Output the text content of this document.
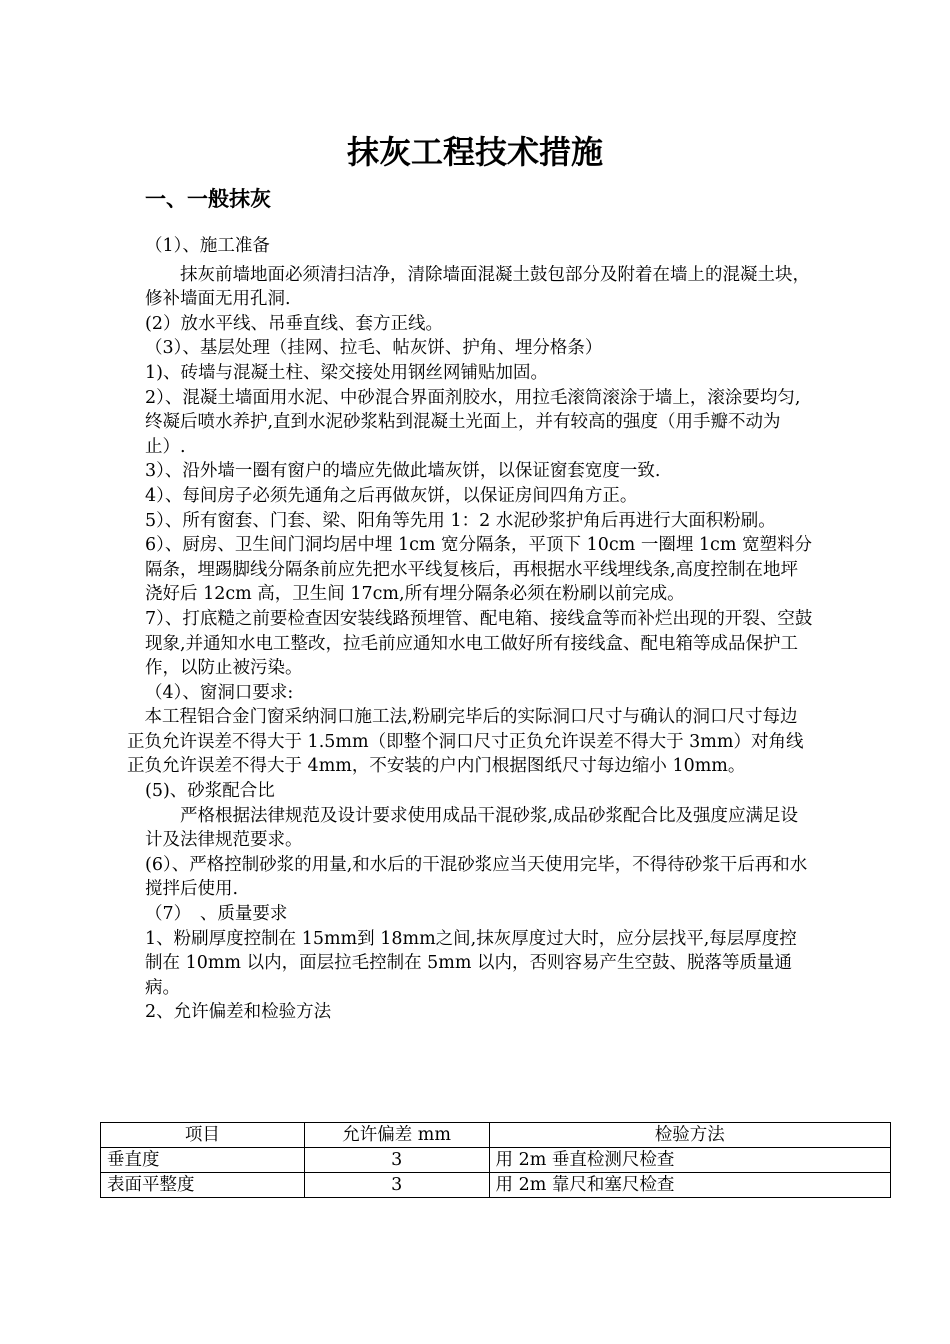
抹灰工程技术措施
一、一般抹灰

（1）、施工准备

　　抹灰前墙地面必须清扫洁净，清除墙面混凝土鼓包部分及附着在墙上的混凝土块，修补墙面无用孔洞.

(2）放水平线、吊垂直线、套方正线。

（3）、基层处理（挂网、拉毛、帖灰饼、护角、埋分格条）

1)、砖墙与混凝土柱、梁交接处用钢丝网铺贴加固。

2）、混凝土墙面用水泥、中砂混合界面剂胶水，用拉毛滚筒滚涂于墙上，滚涂要均匀,终凝后喷水养护,直到水泥砂浆粘到混凝土光面上，并有较高的强度（用手瓣不动为止）.

3）、沿外墙一圈有窗户的墙应先做此墙灰饼，以保证窗套宽度一致.

4）、每间房子必须先通角之后再做灰饼，以保证房间四角方正。

5）、所有窗套、门套、梁、阳角等先用 1：2 水泥砂浆护角后再进行大面积粉刷。

6）、厨房、卫生间门洞均居中埋 1cm 宽分隔条，平顶下 10cm 一圈埋 1cm 宽塑料分隔条，埋踢脚线分隔条前应先把水平线复核后，再根据水平线埋线条,高度控制在地坪浇好后 12cm 高，卫生间 17cm,所有埋分隔条必须在粉刷以前完成。

7）、打底糙之前要检查因安装线路预埋管、配电箱、接线盒等而补烂出现的开裂、空鼓现象,并通知水电工整改，拉毛前应通知水电工做好所有接线盒、配电箱等成品保护工作，以防止被污染。

（4）、窗洞口要求:

　本工程铝合金门窗采纳洞口施工法,粉刷完毕后的实际洞口尺寸与确认的洞口尺寸每边正负允许误差不得大于 1.5mm（即整个洞口尺寸正负允许误差不得大于 3mm）对角线正负允许误差不得大于 4mm，不安装的户内门根据图纸尺寸每边缩小 10mm。

(5)、砂浆配合比

　　严格根据法律规范及设计要求使用成品干混砂浆,成品砂浆配合比及强度应满足设计及法律规范要求。

(6）、严格控制砂浆的用量,和水后的干混砂浆应当天使用完毕，不得待砂浆干后再和水搅拌后使用.

（7）　、质量要求

1、粉刷厚度控制在 15mm到 18mm之间,抹灰厚度过大时，应分层找平,每层厚度控制在 10mm 以内，面层拉毛控制在 5mm 以内，否则容易产生空鼓、脱落等质量通病。

2、允许偏差和检验方法

项目	允许偏差 mm	检验方法
垂直度	3	用 2m 垂直检测尺检查
表面平整度	3	用 2m 靠尺和塞尺检查
